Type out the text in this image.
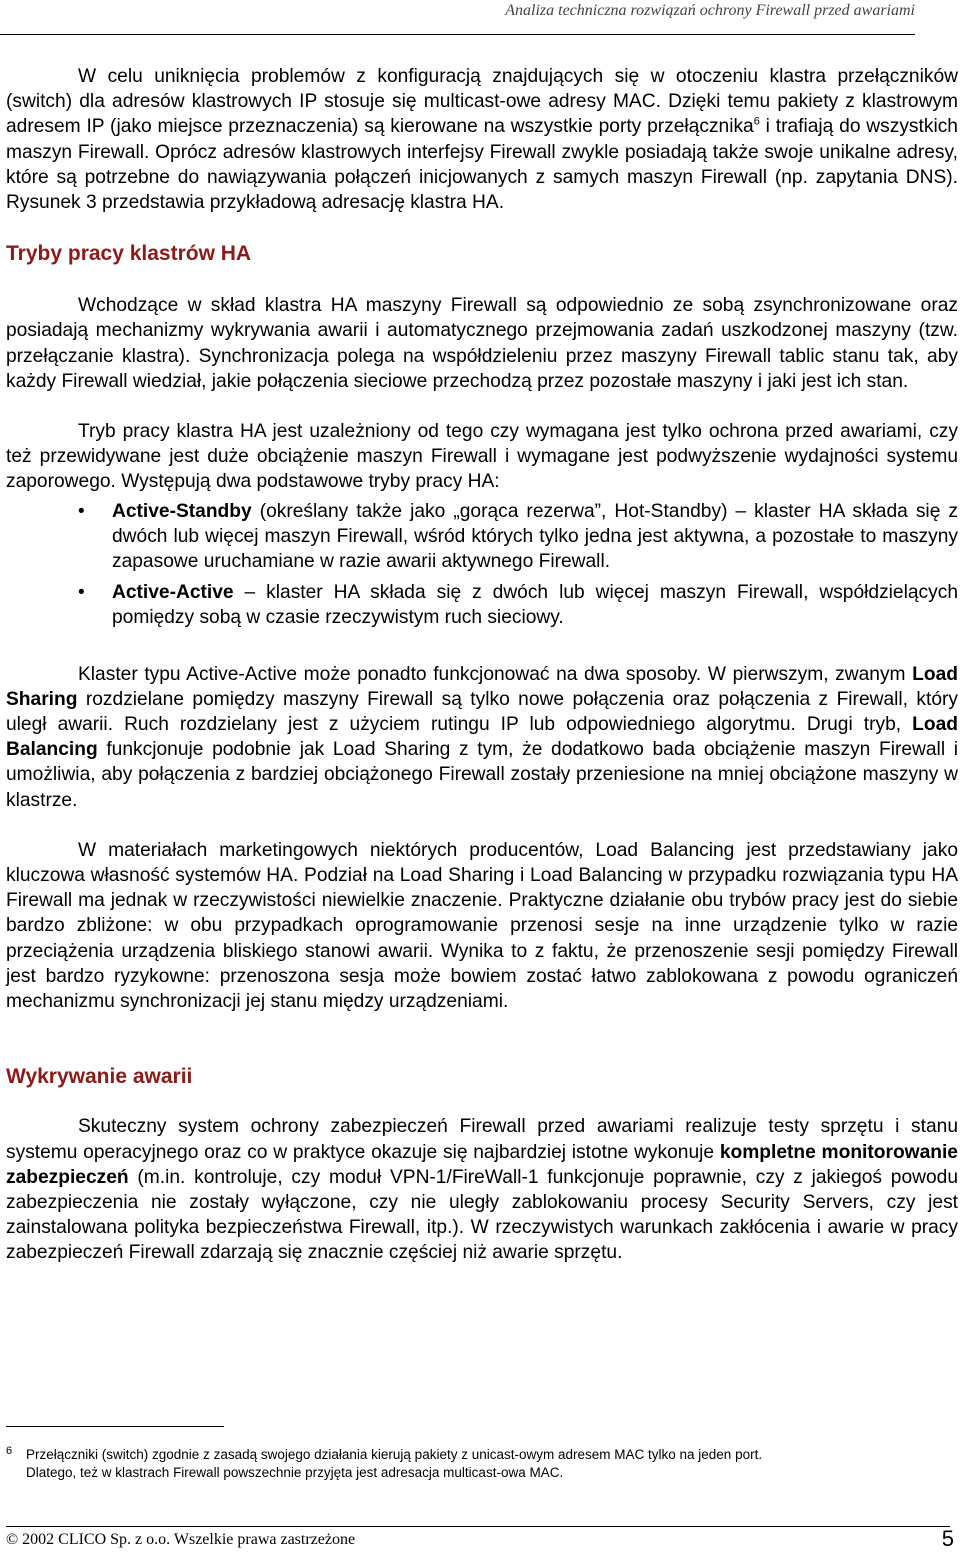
Analiza techniczna rozwiązań ochrony Firewall przed awariami

W celu uniknięcia problemów z konfiguracją znajdujących się w otoczeniu klastra przełączników (switch) dla adresów klastrowych IP stosuje się multicast-owe adresy MAC. Dzięki temu pakiety z klastrowym adresem IP (jako miejsce przeznaczenia) są kierowane na wszystkie porty przełącznika$^6$ i trafiają do wszystkich maszyn Firewall. Oprócz adresów klastrowych interfejsy Firewall zwykle posiadają także swoje unikalne adresy, które są potrzebne do nawiązywania połączeń inicjowanych z samych maszyn Firewall (np. zapytania DNS). Rysunek 3 przedstawia przykładową adresację klastra HA.

Tryby pracy klastrów HA

Wchodzące w skład klastra HA maszyny Firewall są odpowiednio ze sobą zsynchronizowane oraz posiadają mechanizmy wykrywania awarii i automatycznego przejmowania zadań uszkodzonej maszyny (tzw. przełączanie klastra). Synchronizacja polega na współdzieleniu przez maszyny Firewall tablic stanu tak, aby każdy Firewall wiedział, jakie połączenia sieciowe przechodzą przez pozostałe maszyny i jaki jest ich stan.

Tryb pracy klastra HA jest uzależniony od tego czy wymagana jest tylko ochrona przed awariami, czy też przewidywane jest duże obciążenie maszyn Firewall i wymagane jest podwyższenie wydajności systemu zaporowego. Występują dwa podstawowe tryby pracy HA:

• Active-Standby (określany także jako „gorąca rezerwa”, Hot-Standby) – klaster HA składa się z dwóch lub więcej maszyn Firewall, wśród których tylko jedna jest aktywna, a pozostałe to maszyny zapasowe uruchamiane w razie awarii aktywnego Firewall.
• Active-Active – klaster HA składa się z dwóch lub więcej maszyn Firewall, współdzielących pomiędzy sobą w czasie rzeczywistym ruch sieciowy.

Klaster typu Active-Active może ponadto funkcjonować na dwa sposoby. W pierwszym, zwanym Load Sharing rozdzielane pomiędzy maszyny Firewall są tylko nowe połączenia oraz połączenia z Firewall, który uległ awarii. Ruch rozdzielany jest z użyciem rutingu IP lub odpowiedniego algorytmu. Drugi tryb, Load Balancing funkcjonuje podobnie jak Load Sharing z tym, że dodatkowo bada obciążenie maszyn Firewall i umożliwia, aby połączenia z bardziej obciążonego Firewall zostały przeniesione na mniej obciążone maszyny w klastrze.

W materiałach marketingowych niektórych producentów, Load Balancing jest przedstawiany jako kluczowa własność systemów HA. Podział na Load Sharing i Load Balancing w przypadku rozwiązania typu HA Firewall ma jednak w rzeczywistości niewielkie znaczenie. Praktyczne działanie obu trybów pracy jest do siebie bardzo zbliżone: w obu przypadkach oprogramowanie przenosi sesje na inne urządzenie tylko w razie przeciążenia urządzenia bliskiego stanowi awarii. Wynika to z faktu, że przenoszenie sesji pomiędzy Firewall jest bardzo ryzykowne: przenoszona sesja może bowiem zostać łatwo zablokowana z powodu ograniczeń mechanizmu synchronizacji jej stanu między urządzeniami.

Wykrywanie awarii

Skuteczny system ochrony zabezpieczeń Firewall przed awariami realizuje testy sprzętu i stanu systemu operacyjnego oraz co w praktyce okazuje się najbardziej istotne wykonuje kompletne monitorowanie zabezpieczeń (m.in. kontroluje, czy moduł VPN-1/FireWall-1 funkcjonuje poprawnie, czy z jakiegoś powodu zabezpieczenia nie zostały wyłączone, czy nie uległy zablokowaniu procesy Security Servers, czy jest zainstalowana polityka bezpieczeństwa Firewall, itp.). W rzeczywistych warunkach zakłócenia i awarie w pracy zabezpieczeń Firewall zdarzają się znacznie częściej niż awarie sprzętu.

6	Przełączniki (switch) zgodnie z zasadą swojego działania kierują pakiety z unicast-owym adresem MAC tylko na jeden port.
Dlatego, też w klastrach Firewall powszechnie przyjęta jest adresacja multicast-owa MAC.
© 2002 CLICO Sp. z o.o. Wszelkie prawa zastrzeżone	5
